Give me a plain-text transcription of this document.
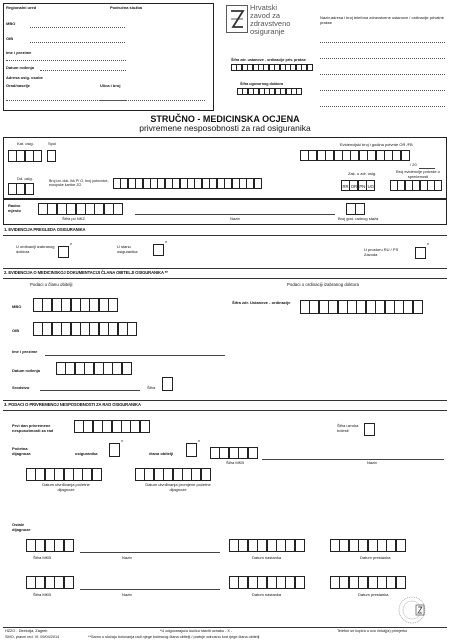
Regionalni ured	Područna služba
MBO
OIB
Ime i prezime
Datum rođenja
Adresa osig. osobe
Grad/naselje	Ulica i broj
Hrvatski
zavod za
zdravstveno
osiguranje
Naziv,adresa i broj telefona zdravstvene ustanove / ordinacije privatne prakse
Šifra zdr. ustanove - ordinacije priv. prakse
Šifra ugovornog doktora
STRUČNO - MEDICINSKA OCJENA
privremene nesposobnosti za rad osiguranika
Kat. osig.	Spol	Evidencijski broj i godina potvrde OR /FB
/ 20
Dd. osig.	Broj izv. dok. Ikk P/ O, broj putovnice, europske kartice ZO
Zak. o zdr. osig.	Broj evidencije potvrde o sprečenosti
RR OR PN UO
Radno mjesto
Šifra po NKZ	Naziv	Broj god. radnog staža
1. EVIDENCIJA PREGLEDA OSIGURANIKA
U ordinaciji izabranog doktora
*	U stanu osiguranika
*
U prostoru RU / PS Zavoda
*
2. EVIDENCIJA O MEDICINSKOJ DOKUMENTACIJI ČLANA OBITELJI OSIGURANIKA **
Podaci o članu obitelji	Podaci o ordinaciji izabranog doktora
MBO
Šifra zdr. Ustanove - ordinacije
OIB
Ime i prezime
Datum rođenja
Srodstvo	Šifra
3. PODACI O PRIVREMENOJ NESPOSOBNOSTI ZA RAD OSIGURANIKA
Prvi dan privremene nesposobnosti za rad
Šifra uzroka bolesti
Početna dijagnoza	osiguranika
*
člana obitelji
*
Šifra MKB	Naziv
Datum utvrđivanja početne dijagnoze
Datum utvrđivanja promjene početne dijagnoze
Ostale dijagnoze
Šifra MKB	Naziv	Datum nastanka	Datum prestanka
Šifra MKB	Naziv	Datum nastanka	Datum prestanka
HZZO - Direkcija, Zagreb
SMO, pravni red. Vl. 09/04/2014
*U odgovarajuću kućicu staviti oznaku - X -
**Samo u slučaju bolovanja radi njege bolesnog člana obitelji / pratnje odnosno kod rjege člana obitelji
Telefon se kopira u ovo čekaj(a) primjerko
